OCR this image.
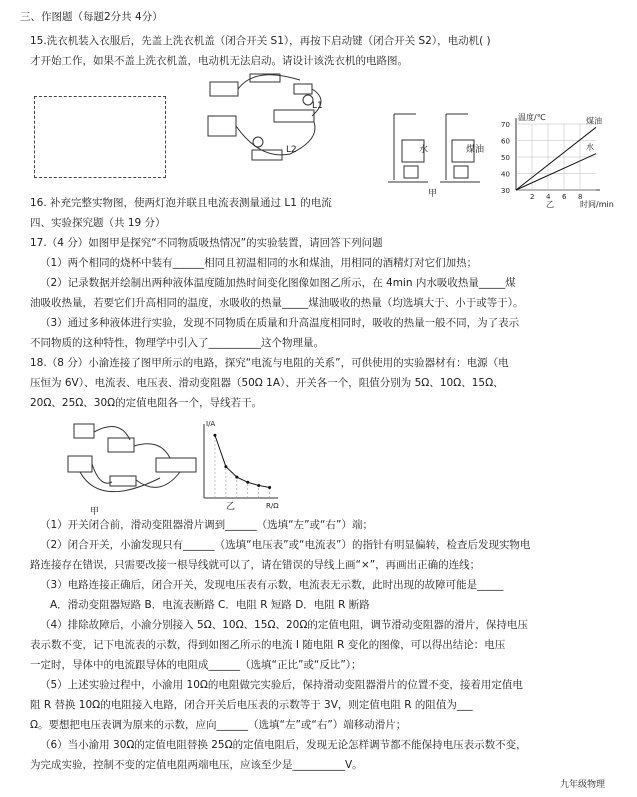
三、作图题（每题2分共 4分）
15.洗衣机装入衣服后，先盖上洗衣机盖（闭合开关 S1），再按下启动键（闭合开关 S2），电动机( )
才开始工作，如果不盖上洗衣机盖，电动机无法启动。请设计该洗衣机的电路图。
L1
L2	水	煤油
甲
温度/℃
时间/min
30
40
50
60
70
2 4 6 8
煤油
水
乙
16. 补充完整实物图，使两灯泡并联且电流表测量通过 L1 的电流
四、实验探究题（共 19 分）
17.（4 分）如图甲是探究“不同物质吸热情况”的实验装置，请回答下列问题
（1）两个相同的烧杯中装有______相同且初温相同的水和煤油，用相同的酒精灯对它们加热；
（2）记录数据并绘制出两种液体温度随加热时间变化图像如图乙所示，在 4min 内水吸收热量_____煤
油吸收热量，若要它们升高相同的温度，水吸收的热量_____煤油吸收的热量（均选填大于、小于或等于）。
（3）通过多种液体进行实验，发现不同物质在质量和升高温度相同时，吸收的热量一般不同，为了表示
不同物质的这种特性，物理学中引入了__________这个物理量。
18.（8 分）小渝连接了图甲所示的电路，探究“电流与电阻的关系”，可供使用的实验器材有：电源（电
压恒为 6V）、电流表、电压表、滑动变阻器（50Ω 1A）、开关各一个，阻值分别为 5Ω、10Ω、15Ω、
20Ω、25Ω、30Ω的定值电阻各一个，导线若干。
甲
I/A
R/Ω
乙
（1）开关闭合前，滑动变阻器滑片调到______（选填“左”或“右”）端；
（2）闭合开关，小渝发现只有______（选填“电压表”或“电流表”）的指针有明显偏转，检查后发现实物电
路连接存在错误，只需要改接一根导线就可以了，请在错误的导线上画“×”，再画出正确的连线；
（3）电路连接正确后，闭合开关，发现电压表有示数，电流表无示数，此时出现的故障可能是_____
A．滑动变阻器短路 B．电流表断路 C．电阻 R 短路 D．电阻 R 断路
（4）排除故障后，小渝分别接入 5Ω、10Ω、15Ω、20Ω的定值电阻，调节滑动变阻器的滑片，保持电压
表示数不变，记下电流表的示数，得到如图乙所示的电流 I 随电阻 R 变化的图像，可以得出结论：电压
一定时，导体中的电流跟导体的电阻成______（选填“正比”或“反比”）；
（5）上述实验过程中，小渝用 10Ω的电阻做完实验后，保持滑动变阻器滑片的位置不变，接着用定值电
阻 R 替换 10Ω的电阻接入电路，闭合开关后电压表的示数等于 3V，则定值电阻 R 的阻值为___
Ω。要想把电压表调为原来的示数，应向______（选填“左”或“右”）端移动滑片；
（6）当小渝用 30Ω的定值电阻替换 25Ω的定值电阻后，发现无论怎样调节都不能保持电压表示数不变，
为完成实验，控制不变的定值电阻两端电压，应该至少是__________V。
九年级物理
